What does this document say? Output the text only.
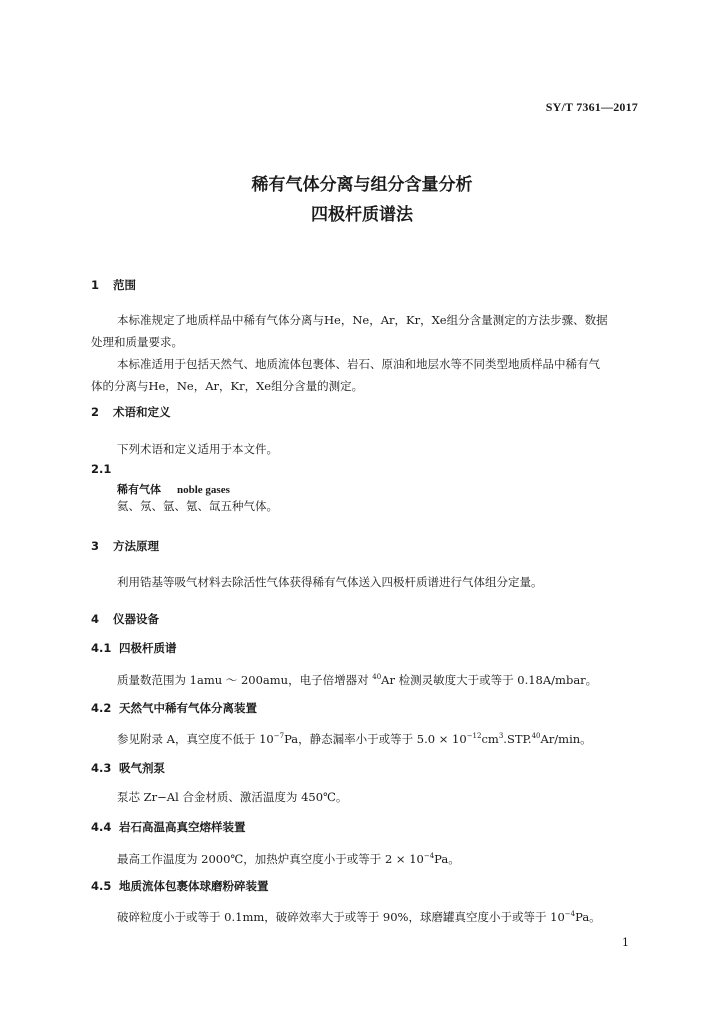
SY/T 7361—2017
稀有气体分离与组分含量分析
四极杆质谱法
1 范围
本标准规定了地质样品中稀有气体分离与He，Ne，Ar，Kr，Xe组分含量测定的方法步骤、数据
处理和质量要求。
本标准适用于包括天然气、地质流体包裹体、岩石、原油和地层水等不同类型地质样品中稀有气
体的分离与He，Ne，Ar，Kr，Xe组分含量的测定。
2 术语和定义
下列术语和定义适用于本文件。
2.1
稀有气体 noble gases
氦、氖、氩、氪、氙五种气体。
3 方法原理
利用锆基等吸气材料去除活性气体获得稀有气体送入四极杆质谱进行气体组分定量。
4 仪器设备
4.1 四极杆质谱
质量数范围为 1amu ～ 200amu，电子倍增器对 $^{40}$Ar 检测灵敏度大于或等于 0.18A/mbar。
4.2 天然气中稀有气体分离装置
参见附录 A，真空度不低于 $10^{-7}Pa$，静态漏率小于或等于 $5.0 \times 10^{-12}cm^3.STP.^{40}Ar/\min$。
4.3 吸气剂泵
泵芯 Zr−Al 合金材质、激活温度为 450℃。
4.4 岩石高温高真空熔样装置
最高工作温度为 2000℃，加热炉真空度小于或等于 $2 \times 10^{-4}Pa$。
4.5 地质流体包裹体球磨粉碎装置
破碎粒度小于或等于 0.1mm，破碎效率大于或等于 90%，球磨罐真空度小于或等于 $10^{-4}Pa$。
1
